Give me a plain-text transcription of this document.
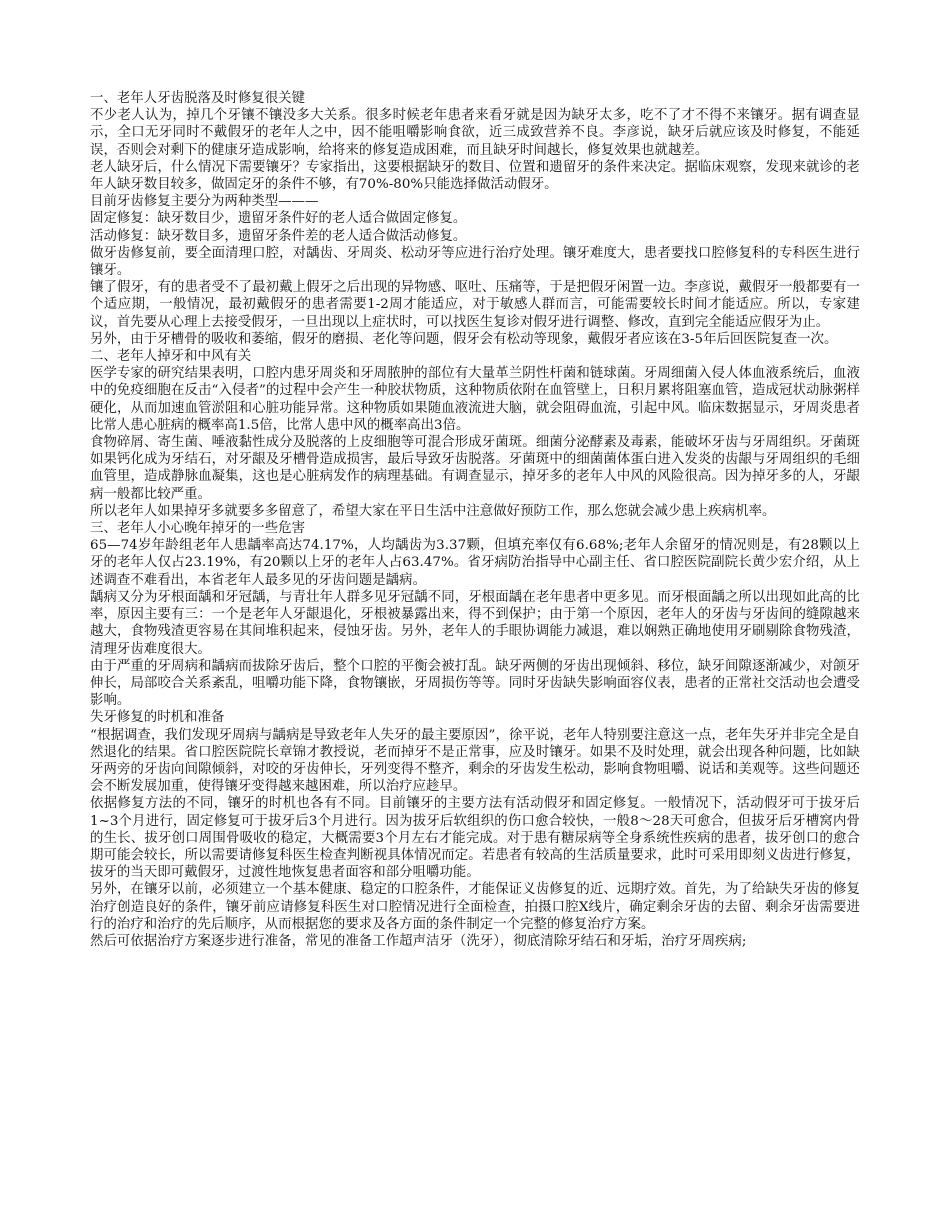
一、老年人牙齿脱落及时修复很关键

不少老人认为，掉几个牙镶不镶没多大关系。很多时候老年患者来看牙就是因为缺牙太多，吃不了才不得不来镶牙。据有调查显示，全口无牙同时不戴假牙的老年人之中，因不能咀嚼影响食欲，近三成致营养不良。李彦说，缺牙后就应该及时修复，不能延误，否则会对剩下的健康牙造成影响，给将来的修复造成困难，而且缺牙时间越长，修复效果也就越差。

老人缺牙后，什么情况下需要镶牙？专家指出，这要根据缺牙的数目、位置和遗留牙的条件来决定。据临床观察，发现来就诊的老年人缺牙数目较多，做固定牙的条件不够，有70%-80%只能选择做活动假牙。

目前牙齿修复主要分为两种类型———

固定修复：缺牙数目少，遗留牙条件好的老人适合做固定修复。

活动修复：缺牙数目多，遗留牙条件差的老人适合做活动修复。

做牙齿修复前，要全面清理口腔，对龋齿、牙周炎、松动牙等应进行治疗处理。镶牙难度大，患者要找口腔修复科的专科医生进行镶牙。

镶了假牙，有的患者受不了最初戴上假牙之后出现的异物感、呕吐、压痛等，于是把假牙闲置一边。李彦说，戴假牙一般都要有一个适应期，一般情况，最初戴假牙的患者需要1-2周才能适应，对于敏感人群而言，可能需要较长时间才能适应。所以，专家建议，首先要从心理上去接受假牙，一旦出现以上症状时，可以找医生复诊对假牙进行调整、修改，直到完全能适应假牙为止。

另外，由于牙槽骨的吸收和萎缩，假牙的磨损、老化等问题，假牙会有松动等现象，戴假牙者应该在3-5年后回医院复查一次。

二、老年人掉牙和中风有关

医学专家的研究结果表明，口腔内患牙周炎和牙周脓肿的部位有大量革兰阴性杆菌和链球菌。牙周细菌入侵人体血液系统后，血液中的免疫细胞在反击“入侵者”的过程中会产生一种胶状物质，这种物质依附在血管壁上，日积月累将阻塞血管，造成冠状动脉粥样硬化，从而加速血管淤阻和心脏功能异常。这种物质如果随血液流进大脑，就会阻碍血流，引起中风。临床数据显示，牙周炎患者比常人患心脏病的概率高1.5倍，比常人患中风的概率高出3倍。

食物碎屑、寄生菌、唾液黏性成分及脱落的上皮细胞等可混合形成牙菌斑。细菌分泌酵素及毒素，能破坏牙齿与牙周组织。牙菌斑如果钙化成为牙结石，对牙龈及牙槽骨造成损害，最后导致牙齿脱落。牙菌斑中的细菌菌体蛋白进入发炎的齿龈与牙周组织的毛细血管里，造成静脉血凝集，这也是心脏病发作的病理基础。有调查显示，掉牙多的老年人中风的风险很高。因为掉牙多的人，牙龈病一般都比较严重。

所以老年人如果掉牙多就要多多留意了，希望大家在平日生活中注意做好预防工作，那么您就会减少患上疾病机率。

三、老年人小心晚年掉牙的一些危害

65—74岁年龄组老年人患龋率高达74.17%，人均龋齿为3.37颗，但填充率仅有6.68%;老年人余留牙的情况则是，有28颗以上牙的老年人仅占23.19%，有20颗以上牙的老年人占63.47%。省牙病防治指导中心副主任、省口腔医院副院长黄少宏介绍，从上述调查不难看出，本省老年人最多见的牙齿问题是龋病。

龋病又分为牙根面龋和牙冠龋，与青壮年人群多见牙冠龋不同，牙根面龋在老年患者中更多见。而牙根面龋之所以出现如此高的比率，原因主要有三：一个是老年人牙龈退化，牙根被暴露出来，得不到保护；由于第一个原因，老年人的牙齿与牙齿间的缝隙越来越大，食物残渣更容易在其间堆积起来，侵蚀牙齿。另外，老年人的手眼协调能力减退，难以娴熟正确地使用牙刷剔除食物残渣，清理牙齿难度很大。

由于严重的牙周病和龋病而拔除牙齿后，整个口腔的平衡会被打乱。缺牙两侧的牙齿出现倾斜、移位，缺牙间隙逐渐减少，对颌牙伸长，局部咬合关系紊乱，咀嚼功能下降，食物镶嵌，牙周损伤等等。同时牙齿缺失影响面容仪表，患者的正常社交活动也会遭受影响。

失牙修复的时机和准备

“根据调查，我们发现牙周病与龋病是导致老年人失牙的最主要原因”，徐平说，老年人特别要注意这一点，老年失牙并非完全是自然退化的结果。省口腔医院院长章锦才教授说，老而掉牙不是正常事，应及时镶牙。如果不及时处理，就会出现各种问题，比如缺牙两旁的牙齿向间隙倾斜，对咬的牙齿伸长，牙列变得不整齐，剩余的牙齿发生松动，影响食物咀嚼、说话和美观等。这些问题还会不断发展加重，使得镶牙变得越来越困难，所以治疗应趁早。

依据修复方法的不同，镶牙的时机也各有不同。目前镶牙的主要方法有活动假牙和固定修复。一般情况下，活动假牙可于拔牙后1~3个月进行，固定修复可于拔牙后3个月进行。因为拔牙后软组织的伤口愈合较快，一般8～28天可愈合，但拔牙后牙槽窝内骨的生长、拔牙创口周围骨吸收的稳定，大概需要3个月左右才能完成。对于患有糖尿病等全身系统性疾病的患者，拔牙创口的愈合期可能会较长，所以需要请修复科医生检查判断视具体情况而定。若患者有较高的生活质量要求，此时可采用即刻义齿进行修复，拔牙的当天即可戴假牙，过渡性地恢复患者面容和部分咀嚼功能。

另外，在镶牙以前，必须建立一个基本健康、稳定的口腔条件，才能保证义齿修复的近、远期疗效。首先，为了给缺失牙齿的修复治疗创造良好的条件，镶牙前应请修复科医生对口腔情况进行全面检查，拍摄口腔X线片，确定剩余牙齿的去留、剩余牙齿需要进行的治疗和治疗的先后顺序，从而根据您的要求及各方面的条件制定一个完整的修复治疗方案。

然后可依据治疗方案逐步进行准备，常见的准备工作超声洁牙（洗牙），彻底清除牙结石和牙垢，治疗牙周疾病;
